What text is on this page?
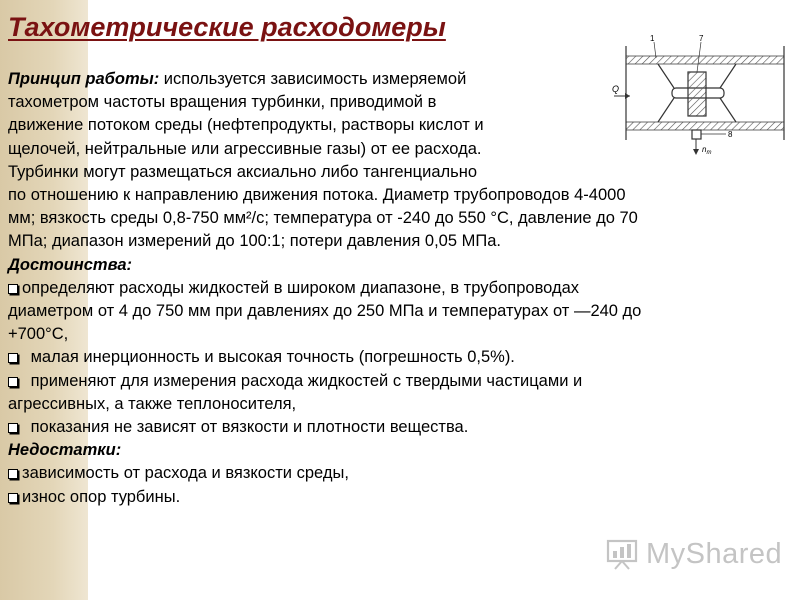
Тахометрические расходомеры
Q
1	7
8
$n_т$
Принцип работы: используется зависимость измеряемой
тахометром частоты вращения турбинки, приводимой в
движение потоком среды (нефтепродукты, растворы кислот и
щелочей, нейтральные или агрессивные газы) от ее расхода.
Турбинки могут размещаться аксиально либо тангенциально
по отношению к направлению движения потока. Диаметр трубопроводов 4-4000
мм; вязкость среды 0,8-750 мм²/с; температура от -240 до 550 °С, давление до 70
МПа; диапазон измерений до 100:1; потери давления 0,05 МПа.
Достоинства:
определяют расходы жидкостей в широком диапазоне, в трубопроводах
диаметром от 4 до 750 мм при давлениях до 250 МПа и температурах от —240 до
+700°С,
малая инерционность и высокая точность (погрешность 0,5%).
применяют для измерения расхода жидкостей с твердыми частицами и
агрессивных, а также теплоносителя,
показания не зависят от вязкости и плотности вещества.
Недостатки:
зависимость от расхода и вязкости среды,
износ опор турбины.
MyShared
